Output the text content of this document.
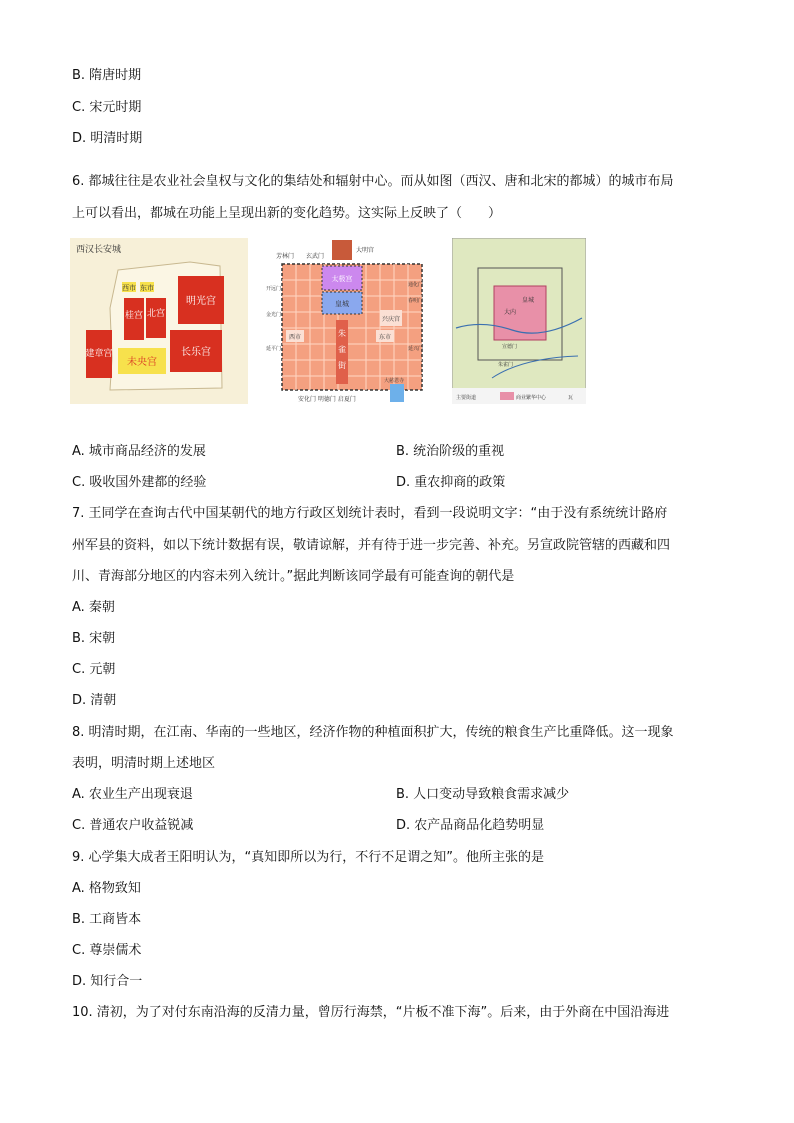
B. 隋唐时期
C. 宋元时期
D. 明清时期
6. 都城往往是农业社会皇权与文化的集结处和辐射中心。而从如图（西汉、唐和北宋的都城）的城市布局
上可以看出，都城在功能上呈现出新的变化趋势。这实际上反映了（　　）
西汉长安城
明光宫
北宫
桂宫
长乐宫
建章宫
未央宫
西市 东市
芳林门 玄武门
大明宫
太极宫
皇城
兴庆宫
西市	东市
朱
雀
街
开远门
金光门
延平门
通化门
春明门
延兴门
安化门 明德门 启夏门
大慈恩寺
皇城
大内
宣德门
朱雀门
主要街道	商业繁华中心	瓦
A. 城市商品经济的发展	B. 统治阶级的重视
C. 吸收国外建都的经验	D. 重农抑商的政策
7. 王同学在查询古代中国某朝代的地方行政区划统计表时，看到一段说明文字：“由于没有系统统计路府
州军县的资料，如以下统计数据有误，敬请谅解，并有待于进一步完善、补充。另宣政院管辖的西藏和四
川、青海部分地区的内容未列入统计。”据此判断该同学最有可能查询的朝代是
A. 秦朝
B. 宋朝
C. 元朝
D. 清朝
8. 明清时期，在江南、华南的一些地区，经济作物的种植面积扩大，传统的粮食生产比重降低。这一现象
表明，明清时期上述地区
A. 农业生产出现衰退	B. 人口变动导致粮食需求减少
C. 普通农户收益锐减	D. 农产品商品化趋势明显
9. 心学集大成者王阳明认为，“真知即所以为行，不行不足谓之知”。他所主张的是
A. 格物致知
B. 工商皆本
C. 尊崇儒术
D. 知行合一
10. 清初，为了对付东南沿海的反清力量，曾厉行海禁，“片板不准下海”。后来，由于外商在中国沿海进
